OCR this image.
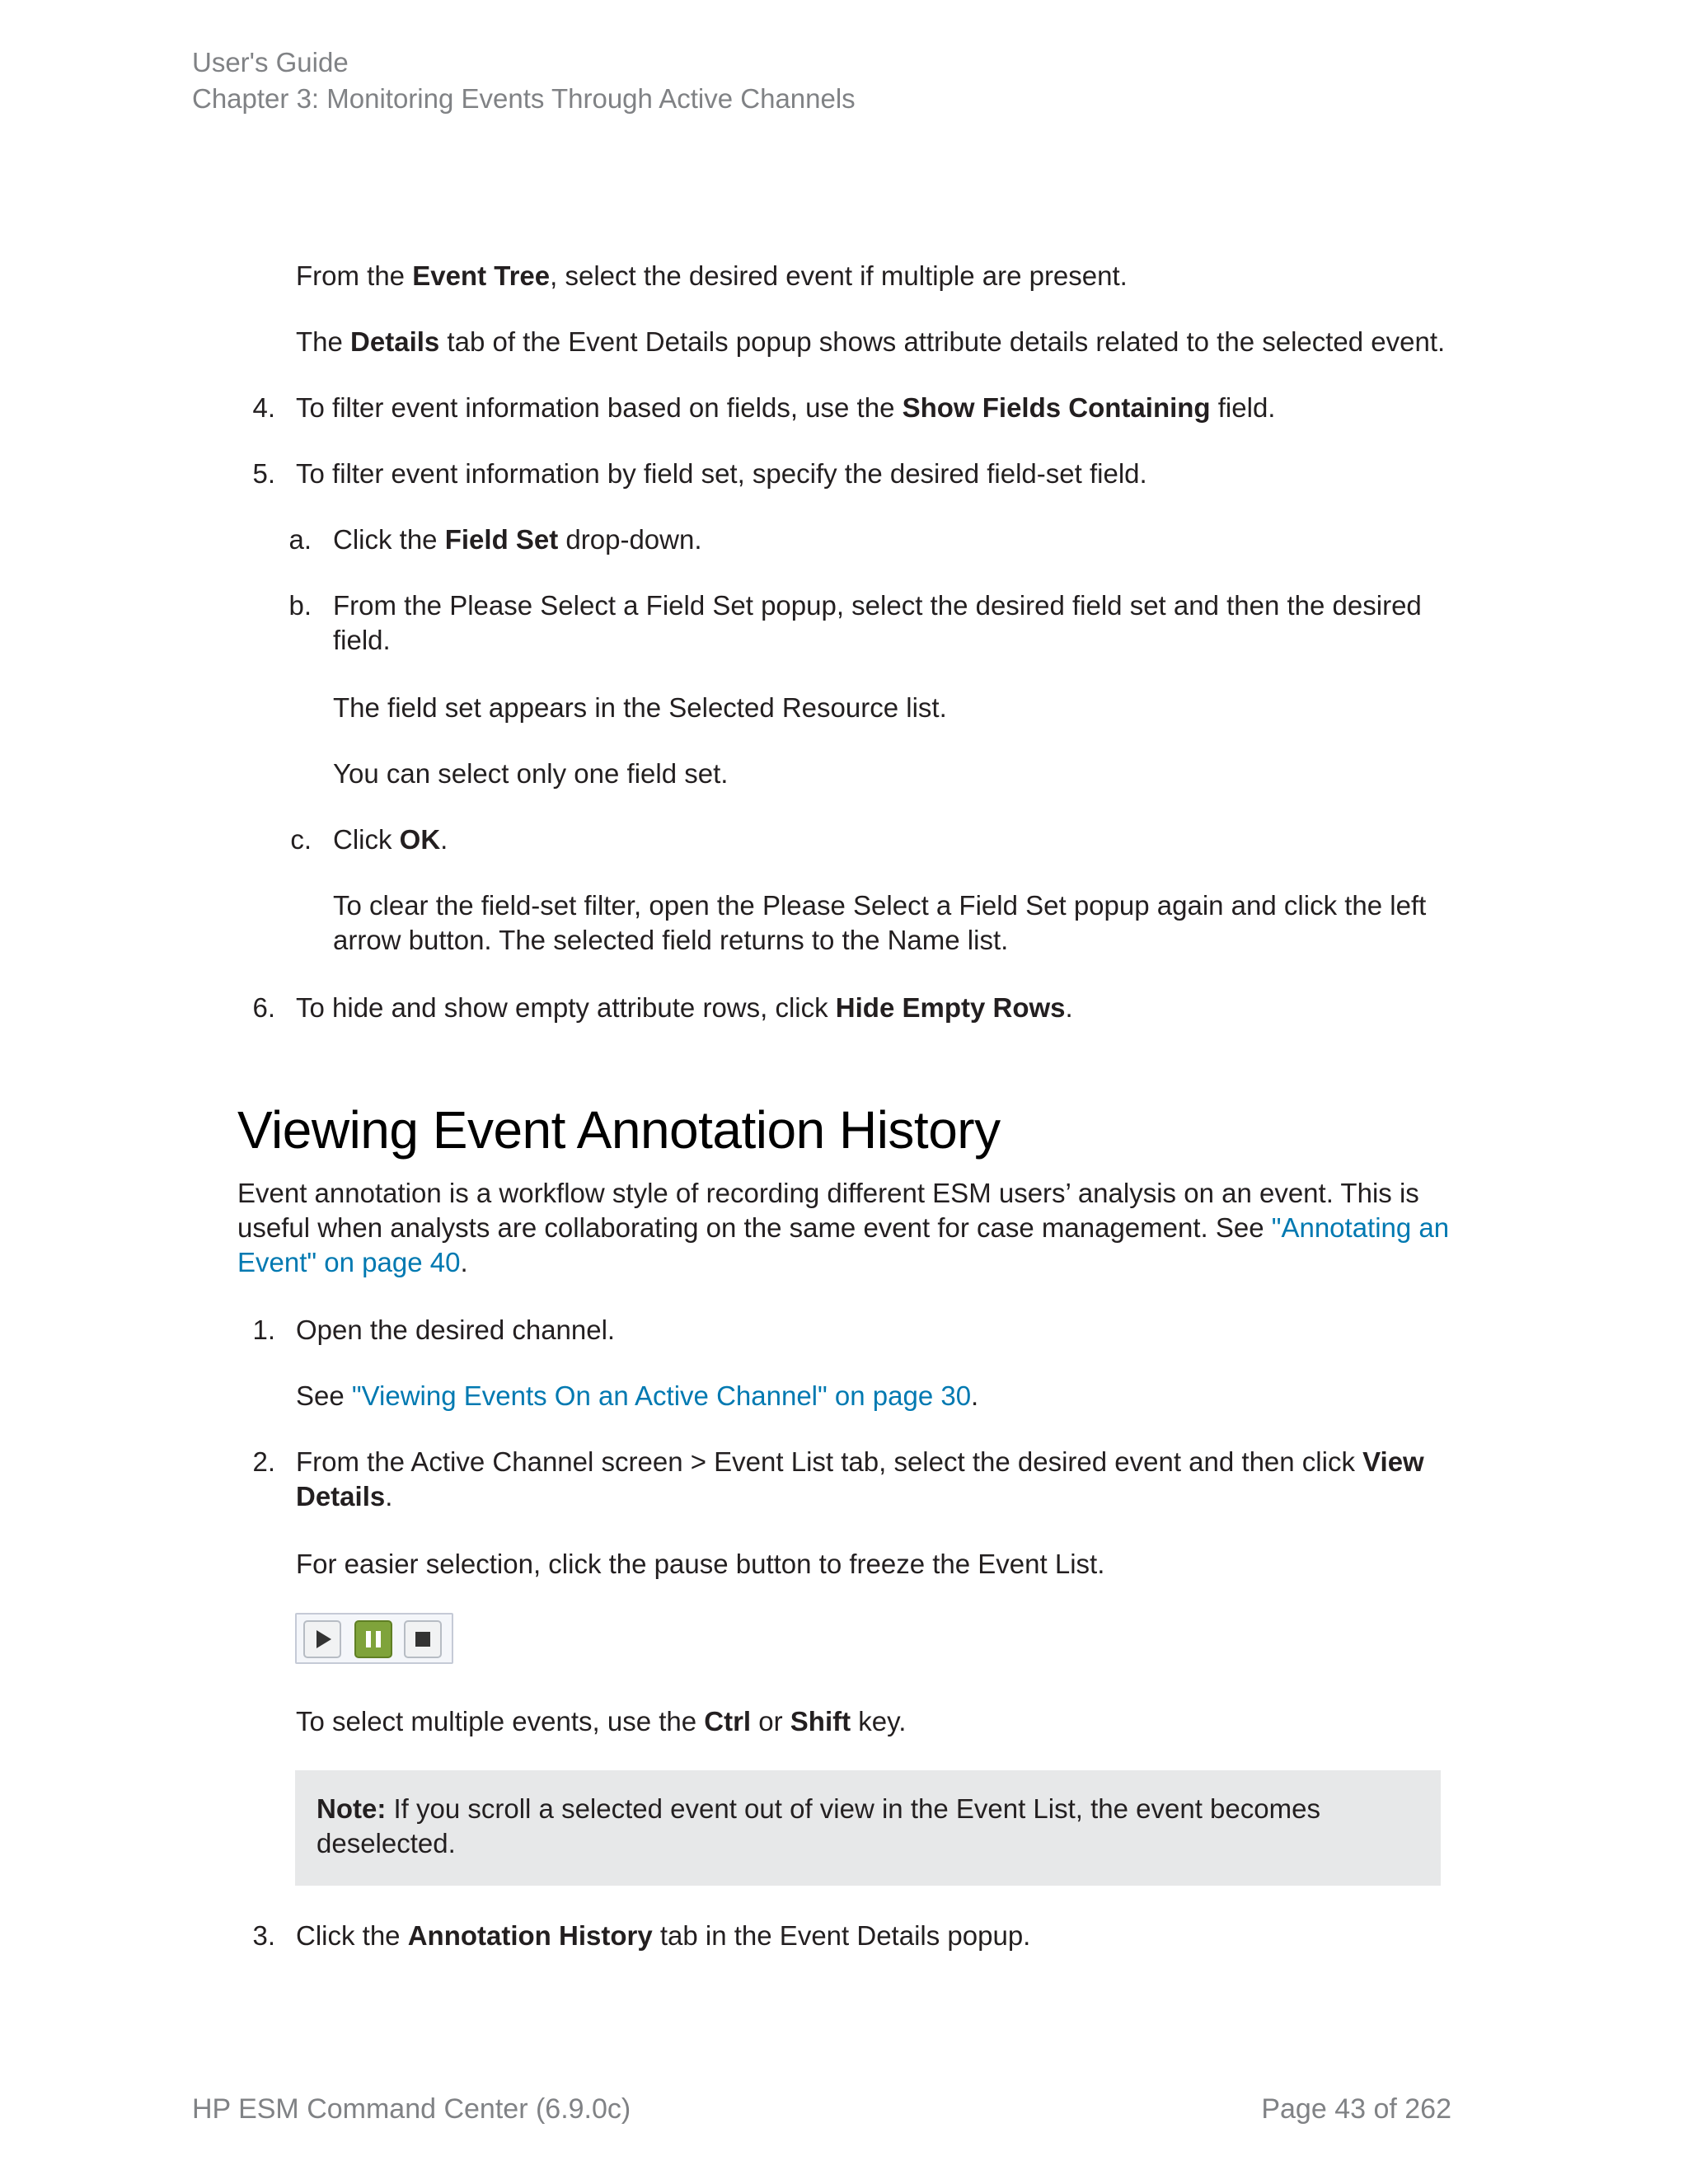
User's Guide
Chapter 3: Monitoring Events Through Active Channels
From the Event Tree, select the desired event if multiple are present.
The Details tab of the Event Details popup shows attribute details related to the selected event.
4. To filter event information based on fields, use the Show Fields Containing field.
5. To filter event information by field set, specify the desired field-set field.
a. Click the Field Set drop-down.
b. From the Please Select a Field Set popup, select the desired field set and then the desired
field.
The field set appears in the Selected Resource list.
You can select only one field set.
c. Click OK.
To clear the field-set filter, open the Please Select a Field Set popup again and click the left
arrow button. The selected field returns to the Name list.
6. To hide and show empty attribute rows, click Hide Empty Rows.
Viewing Event Annotation History
Event annotation is a workflow style of recording different ESM users’ analysis on an event. This is
useful when analysts are collaborating on the same event for case management. See "Annotating an
Event" on page 40.
1. Open the desired channel.
See "Viewing Events On an Active Channel" on page 30.
2. From the Active Channel screen > Event List tab, select the desired event and then click View
Details.
For easier selection, click the pause button to freeze the Event List.
To select multiple events, use the Ctrl or Shift key.
Note: If you scroll a selected event out of view in the Event List, the event becomes
deselected.
3. Click the Annotation History tab in the Event Details popup.
HP ESM Command Center (6.9.0c)	Page 43 of 262
